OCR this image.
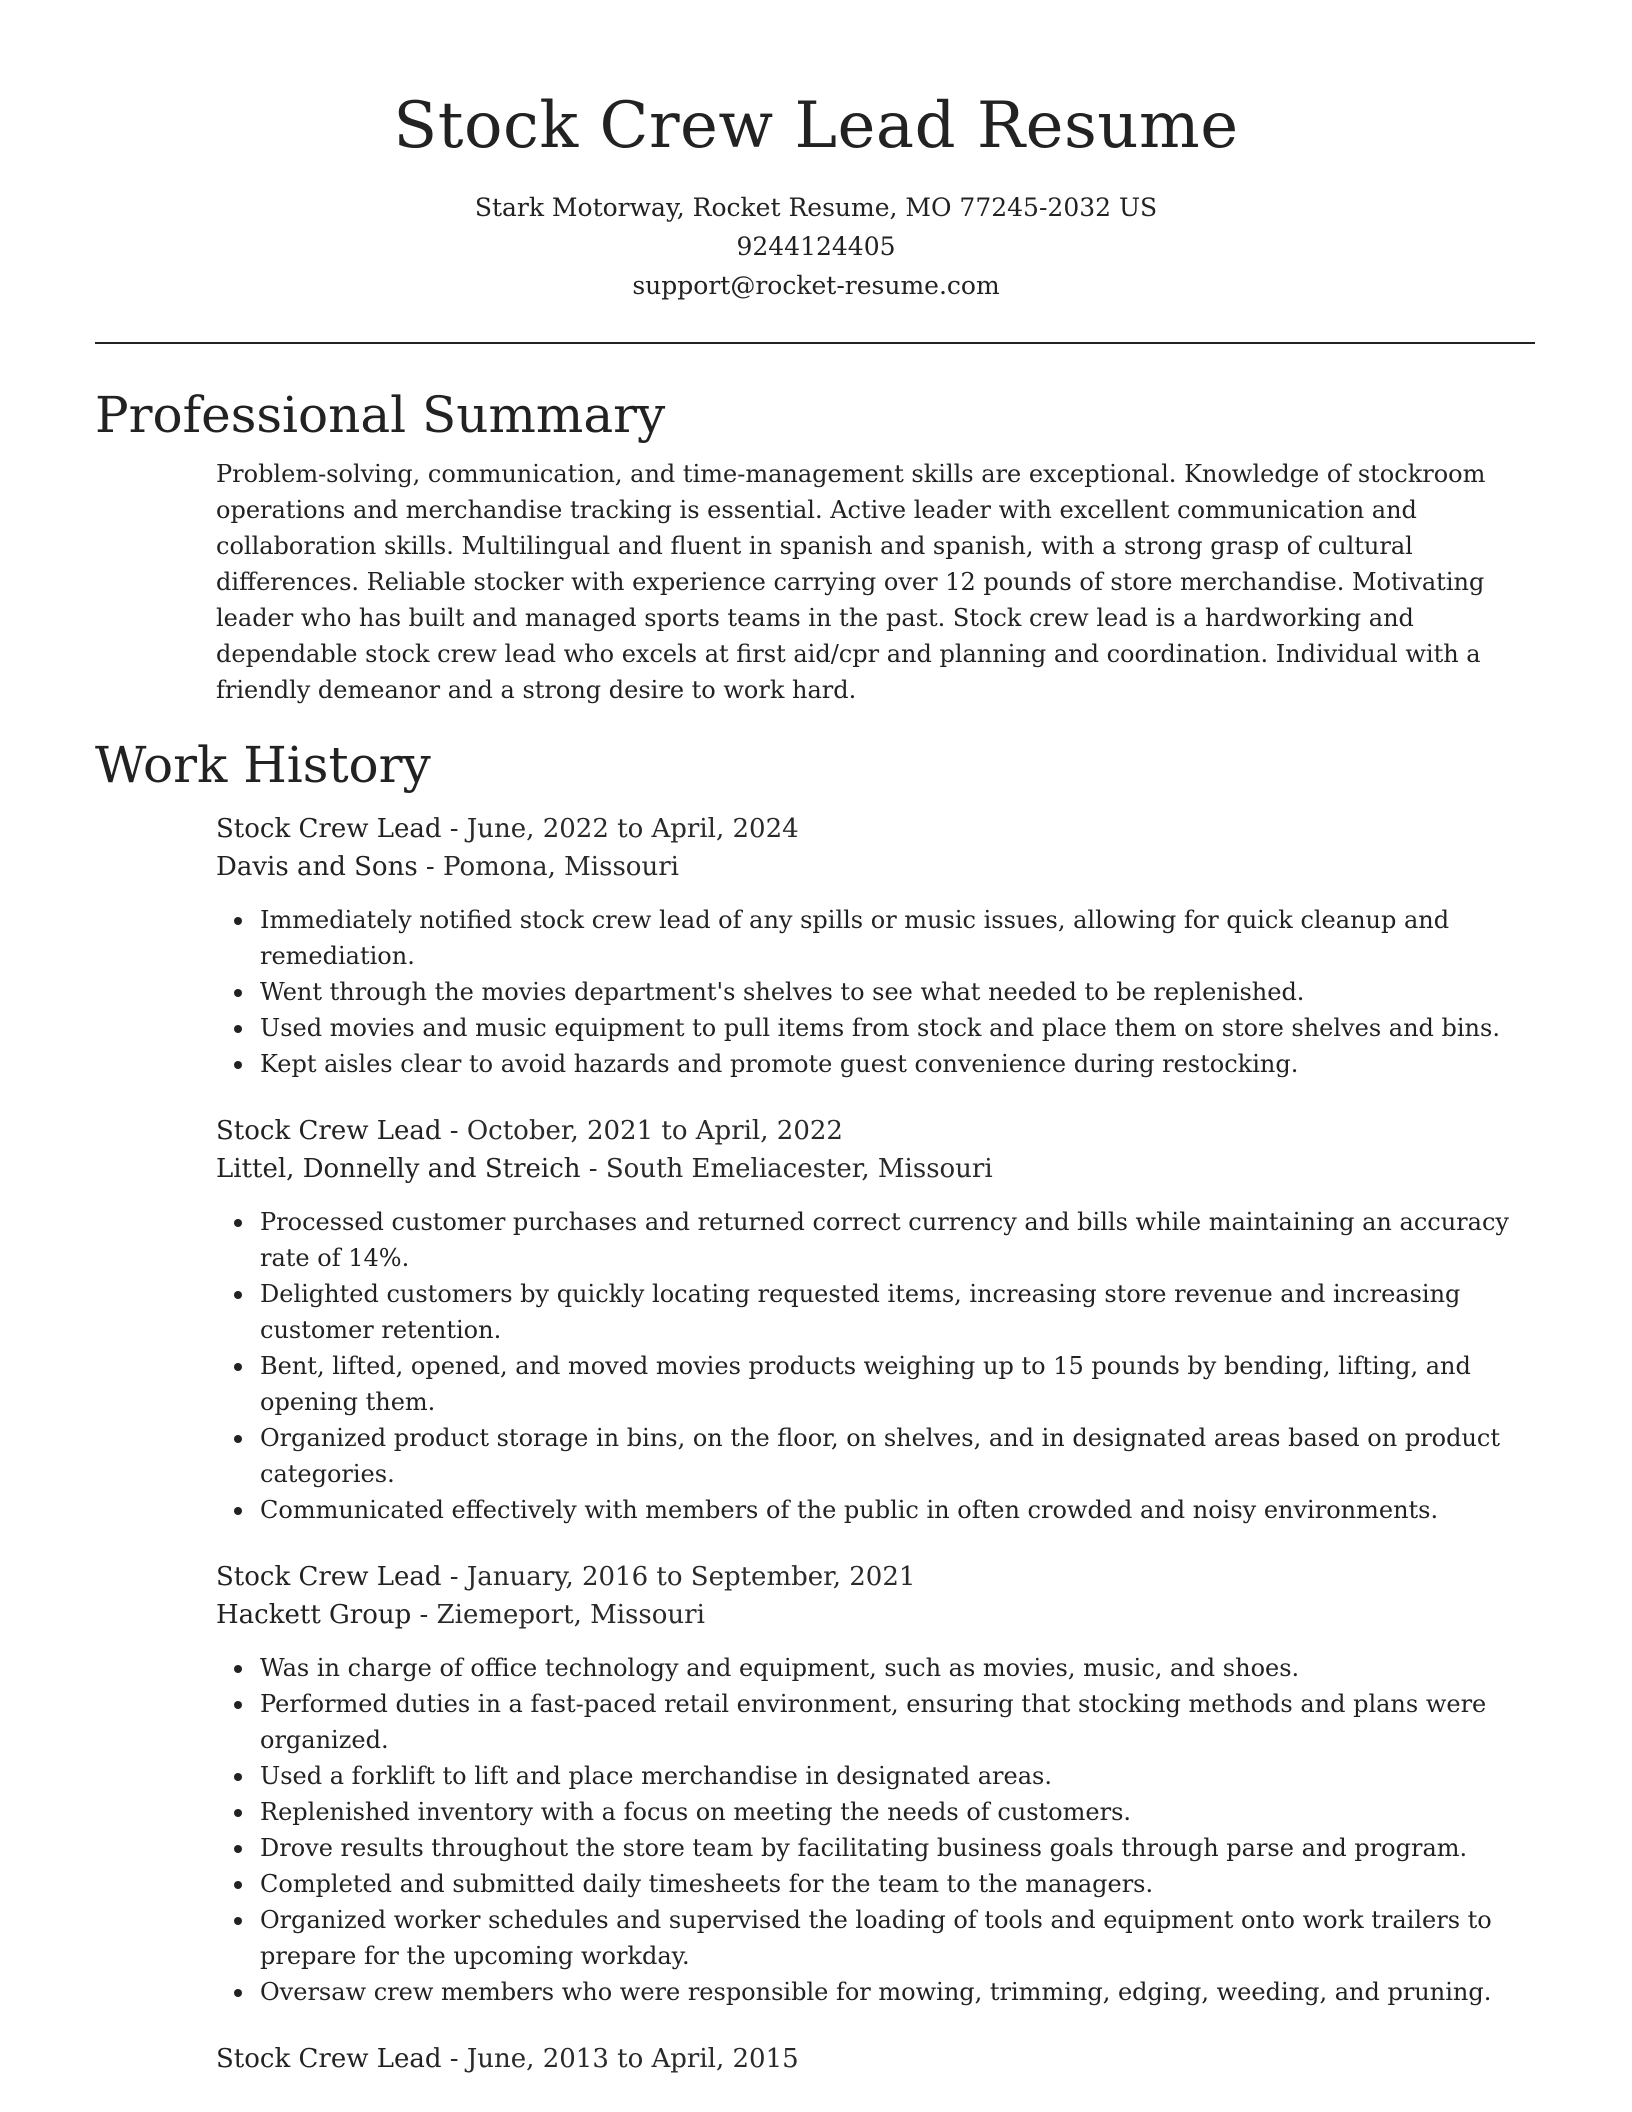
Stock Crew Lead Resume
Stark Motorway, Rocket Resume, MO 77245-2032 US
9244124405
support@rocket-resume.com
Professional Summary

Problem-solving, communication, and time-management skills are exceptional. Knowledge of stockroom operations and merchandise tracking is essential. Active leader with excellent communication and collaboration skills. Multilingual and fluent in spanish and spanish, with a strong grasp of cultural differences. Reliable stocker with experience carrying over 12 pounds of store merchandise. Motivating leader who has built and managed sports teams in the past. Stock crew lead is a hardworking and dependable stock crew lead who excels at first aid/cpr and planning and coordination. Individual with a friendly demeanor and a strong desire to work hard.

Work History
Stock Crew Lead - June, 2022 to April, 2024
Davis and Sons - Pomona, Missouri
Immediately notified stock crew lead of any spills or music issues, allowing for quick cleanup and remediation.
Went through the movies department's shelves to see what needed to be replenished.
Used movies and music equipment to pull items from stock and place them on store shelves and bins.
Kept aisles clear to avoid hazards and promote guest convenience during restocking.
Stock Crew Lead - October, 2021 to April, 2022
Littel, Donnelly and Streich - South Emeliacester, Missouri
Processed customer purchases and returned correct currency and bills while maintaining an accuracy rate of 14%.
Delighted customers by quickly locating requested items, increasing store revenue and increasing customer retention.
Bent, lifted, opened, and moved movies products weighing up to 15 pounds by bending, lifting, and opening them.
Organized product storage in bins, on the floor, on shelves, and in designated areas based on product categories.
Communicated effectively with members of the public in often crowded and noisy environments.
Stock Crew Lead - January, 2016 to September, 2021
Hackett Group - Ziemeport, Missouri
Was in charge of office technology and equipment, such as movies, music, and shoes.
Performed duties in a fast-paced retail environment, ensuring that stocking methods and plans were organized.
Used a forklift to lift and place merchandise in designated areas.
Replenished inventory with a focus on meeting the needs of customers.
Drove results throughout the store team by facilitating business goals through parse and program.
Completed and submitted daily timesheets for the team to the managers.
Organized worker schedules and supervised the loading of tools and equipment onto work trailers to prepare for the upcoming workday.
Oversaw crew members who were responsible for mowing, trimming, edging, weeding, and pruning.
Stock Crew Lead - June, 2013 to April, 2015
